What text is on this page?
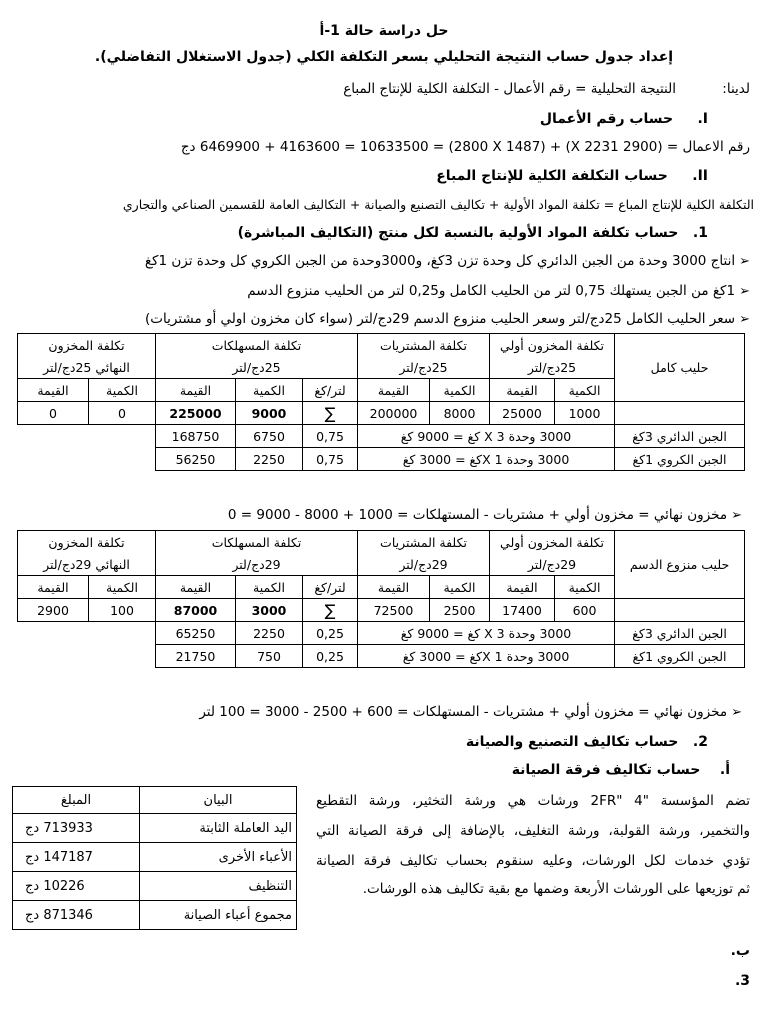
حل دراسة حالة 1-أ
إعداد جدول حساب النتيجة التحليلي بسعر التكلفة الكلي (جدول الاستغلال التفاضلي).
لدينا:
النتيجة التحليلية = رقم الأعمال - التكلفة الكلية للإنتاج المباع
I.     حساب رقم الأعمال
رقم الاعمال = (2900 X 2231) + (2800 X 1487) = 6469900 + 4163600 = 10633500 دج
II.     حساب التكلفة الكلية للإنتاج المباع
التكلفة الكلية للإنتاج المباع = تكلفة المواد الأولية + تكاليف التصنيع والصيانة + التكاليف العامة للقسمين الصناعي والتجاري
1.   حساب تكلفة المواد الأولية بالنسبة لكل منتج (التكاليف المباشرة)
➢انتاج 3000 وحدة من الجبن الدائري كل وحدة تزن 3كغ، و3000وحدة من الجبن الكروي كل وحدة تزن 1كغ
➢1كغ من الجبن يستهلك 0,75 لتر من الحليب الكامل و0,25 لتر من الحليب منزوع الدسم
➢سعر الحليب الكامل 25دج/لتر وسعر الحليب منزوع الدسم 29دج/لتر (سواء كان مخزون اولي أو مشتريات)
حليب كامل	تكلفة المخزون أولي		تكلفة المشتريات		تكلفة المسهلكات			تكلفة المخزون	
	25دج/لتر		25دج/لتر		25دج/لتر			النهائي 25دج/لتر	
	الكمية	القيمة	الكمية	القيمة	لتر/كغ	الكمية	القيمة	الكمية	القيمة
	1000	25000	8000	200000	∑	9000	225000	0	0
الجبن الدائري 3كغ	3000 وحدة X 3 كغ = 9000 كغ				0,75	6750	168750		
الجبن الكروي 1كغ	3000 وحدة X 1كغ = 3000 كغ				0,75	2250	56250		
➢مخزون نهائي = مخزون أولي + مشتريات - المستهلكات = 1000 + 8000 - 9000 = 0
حليب منزوع الدسم	تكلفة المخزون أولي		تكلفة المشتريات		تكلفة المسهلكات			تكلفة المخزون	
	29دج/لتر		29دج/لتر		29دج/لتر			النهائي 29دج/لتر	
	الكمية	القيمة	الكمية	القيمة	لتر/كغ	الكمية	القيمة	الكمية	القيمة
	600	17400	2500	72500	∑	3000	87000	100	2900
الجبن الدائري 3كغ	3000 وحدة X 3 كغ = 9000 كغ				0,25	2250	65250		
الجبن الكروي 1كغ	3000 وحدة X 1كغ = 3000 كغ				0,25	750	21750		
➢مخزون نهائي = مخزون أولي + مشتريات - المستهلكات = 600 + 2500 - 3000 = 100 لتر
2.   حساب تكاليف التصنيع والصيانة
أ.    حساب تكاليف فرقة الصيانة
تضم المؤسسة "2FR" 4 ورشات هي ورشة التخثير، ورشة التقطيع
والتخمير، ورشة القولبة، ورشة التغليف، بالإضافة إلى فرقة الصيانة التي
تؤدي خدمات لكل الورشات، وعليه سنقوم بحساب تكاليف فرقة الصيانة
ثم توزيعها على الورشات الأربعة وضمها مع بقية تكاليف هذه الورشات.
البيان	المبلغ
اليد العاملة الثابتة	713933 دج
الأعباء الأخرى	147187 دج
التنظيف	10226 دج
مجموع أعباء الصيانة	871346 دج
ب.
.3
